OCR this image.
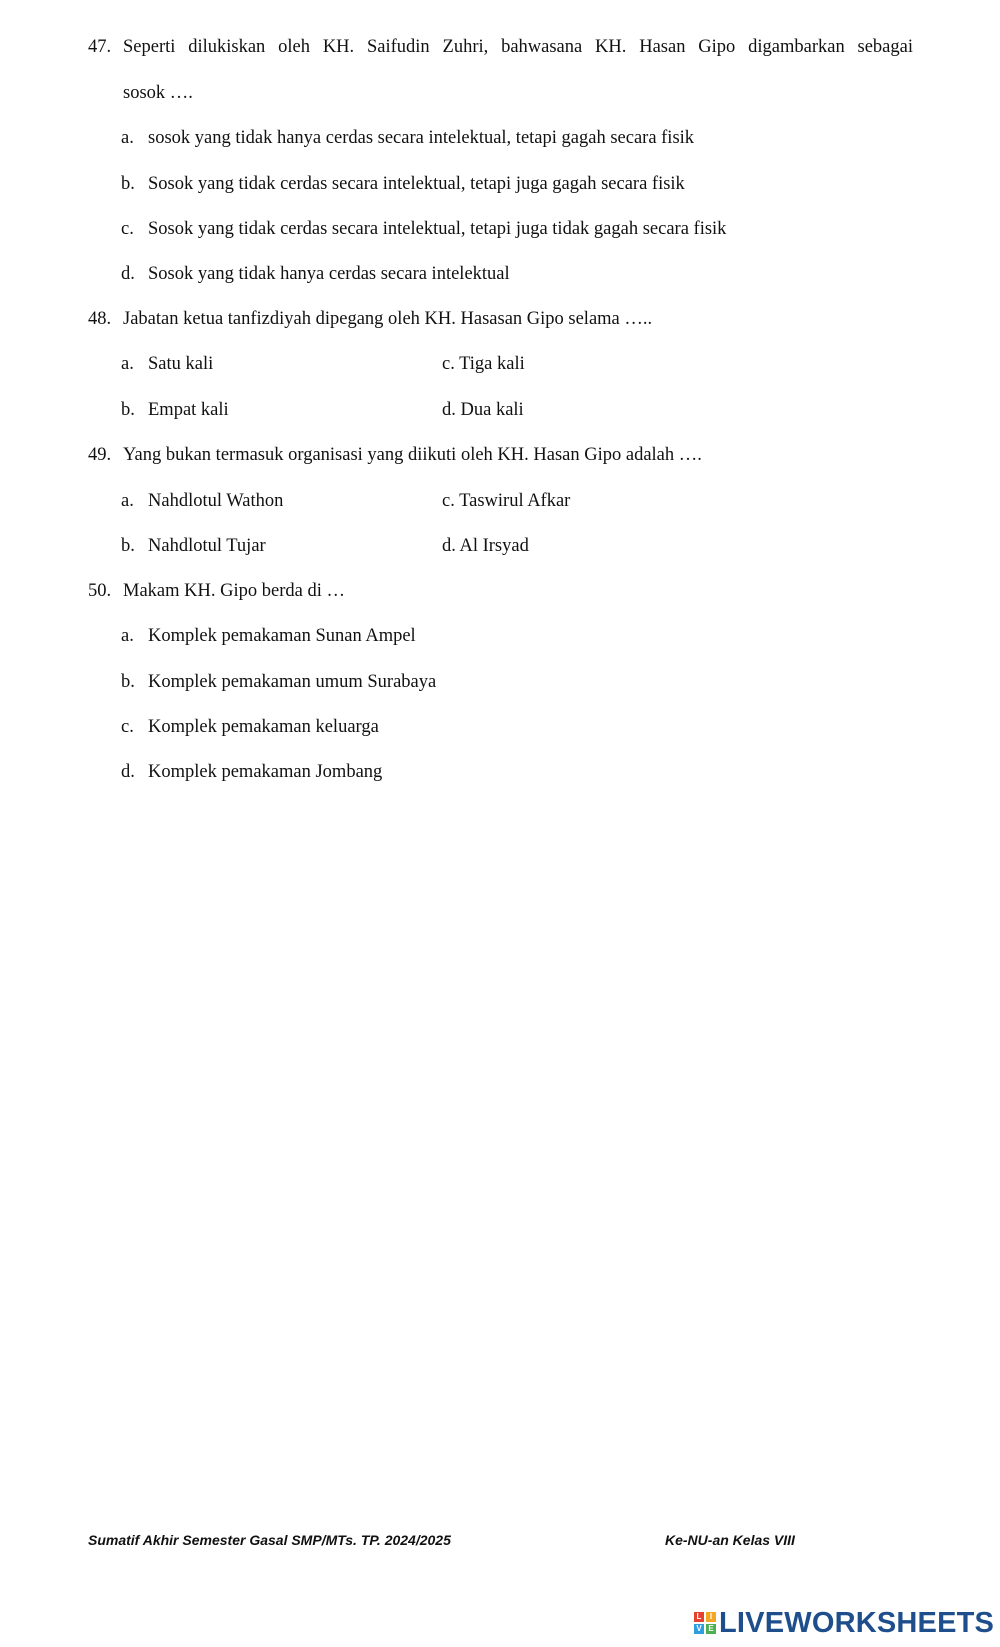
47. Seperti dilukiskan oleh KH. Saifudin Zuhri, bahwasana KH. Hasan Gipo digambarkan sebagai
sosok ….
a. sosok yang tidak hanya cerdas secara intelektual, tetapi gagah secara fisik
b. Sosok yang tidak cerdas secara intelektual, tetapi juga gagah secara fisik
c. Sosok yang tidak cerdas secara intelektual, tetapi juga tidak gagah secara fisik
d. Sosok yang tidak hanya cerdas secara intelektual
48. Jabatan ketua tanfizdiyah dipegang oleh KH. Hasasan Gipo selama …..
a. Satu kali	c. Tiga kali
b. Empat kali	d. Dua kali
49. Yang bukan termasuk organisasi yang diikuti oleh KH. Hasan Gipo adalah ….
a. Nahdlotul Wathon	c. Taswirul Afkar
b. Nahdlotul Tujar	d. Al Irsyad
50. Makam KH. Gipo berda di …
a. Komplek pemakaman Sunan Ampel
b. Komplek pemakaman umum Surabaya
c. Komplek pemakaman keluarga
d. Komplek pemakaman Jombang
Sumatif Akhir Semester Gasal SMP/MTs. TP. 2024/2025	Ke-NU-an Kelas VIII
L	I
V E LIVEWORKSHEETS
